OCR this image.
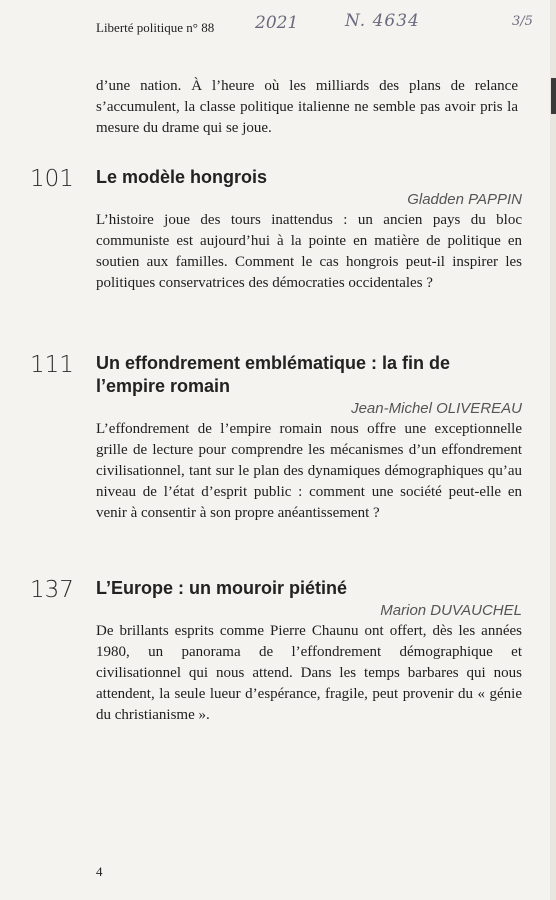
Liberté politique n° 88 2021	N. 4634	3/5
d’une nation. À l’heure où les milliards des plans de relance s’accumulent, la classe politique italienne ne semble pas avoir pris la mesure du drame qui se joue.
101 Le modèle hongrois
Gladden PAPPIN
L’histoire joue des tours inattendus : un ancien pays du bloc communiste est aujourd’hui à la pointe en matière de politique en soutien aux familles. Comment le cas hongrois peut-il inspirer les politiques conservatrices des démocraties occidentales ?
111 Un effondrement emblématique : la fin de l’empire romain
Jean-Michel OLIVEREAU
L’effondrement de l’empire romain nous offre une exceptionnelle grille de lecture pour comprendre les mécanismes d’un effondrement civilisationnel, tant sur le plan des dynamiques démographiques qu’au niveau de l’état d’esprit public : comment une société peut-elle en venir à consentir à son propre anéantissement ?
137 L’Europe : un mouroir piétiné
Marion DUVAUCHEL
De brillants esprits comme Pierre Chaunu ont offert, dès les années 1980, un panorama de l’effondrement démographique et civilisationnel qui nous attend. Dans les temps barbares qui nous attendent, la seule lueur d’espérance, fragile, peut provenir du « génie du christianisme ».
4
